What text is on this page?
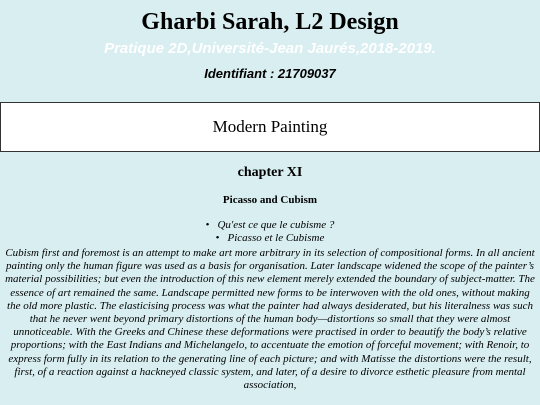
Gharbi Sarah, L2 Design
Pratique 2D,Université-Jean Jaurés,2018-2019.
Identifiant : 21709037
Modern Painting
chapter XI
Picasso and Cubism
• Qu'est ce que le cubisme ?
• Picasso et le Cubisme

Cubism first and foremost is an attempt to make art more arbitrary in its selection of compositional forms. In all ancient painting only the human figure was used as a basis for organisation. Later landscape widened the scope of the painter’s material possibilities; but even the introduction of this new element merely extended the boundary of subject-matter. The essence of art remained the same. Landscape permitted new forms to be interwoven with the old ones, without making the old more plastic. The elasticising process was what the painter had always desiderated, but his literalness was such that he never went beyond primary distortions of the human body—distortions so small that they were almost unnoticeable. With the Greeks and Chinese these deformations were practised in order to beautify the body’s relative proportions; with the East Indians and Michelangelo, to accentuate the emotion of forceful movement; with Renoir, to express form fully in its relation to the generating line of each picture; and with Matisse the distortions were the result, first, of a reaction against a hackneyed classic system, and later, of a desire to divorce esthetic pleasure from mental association,
